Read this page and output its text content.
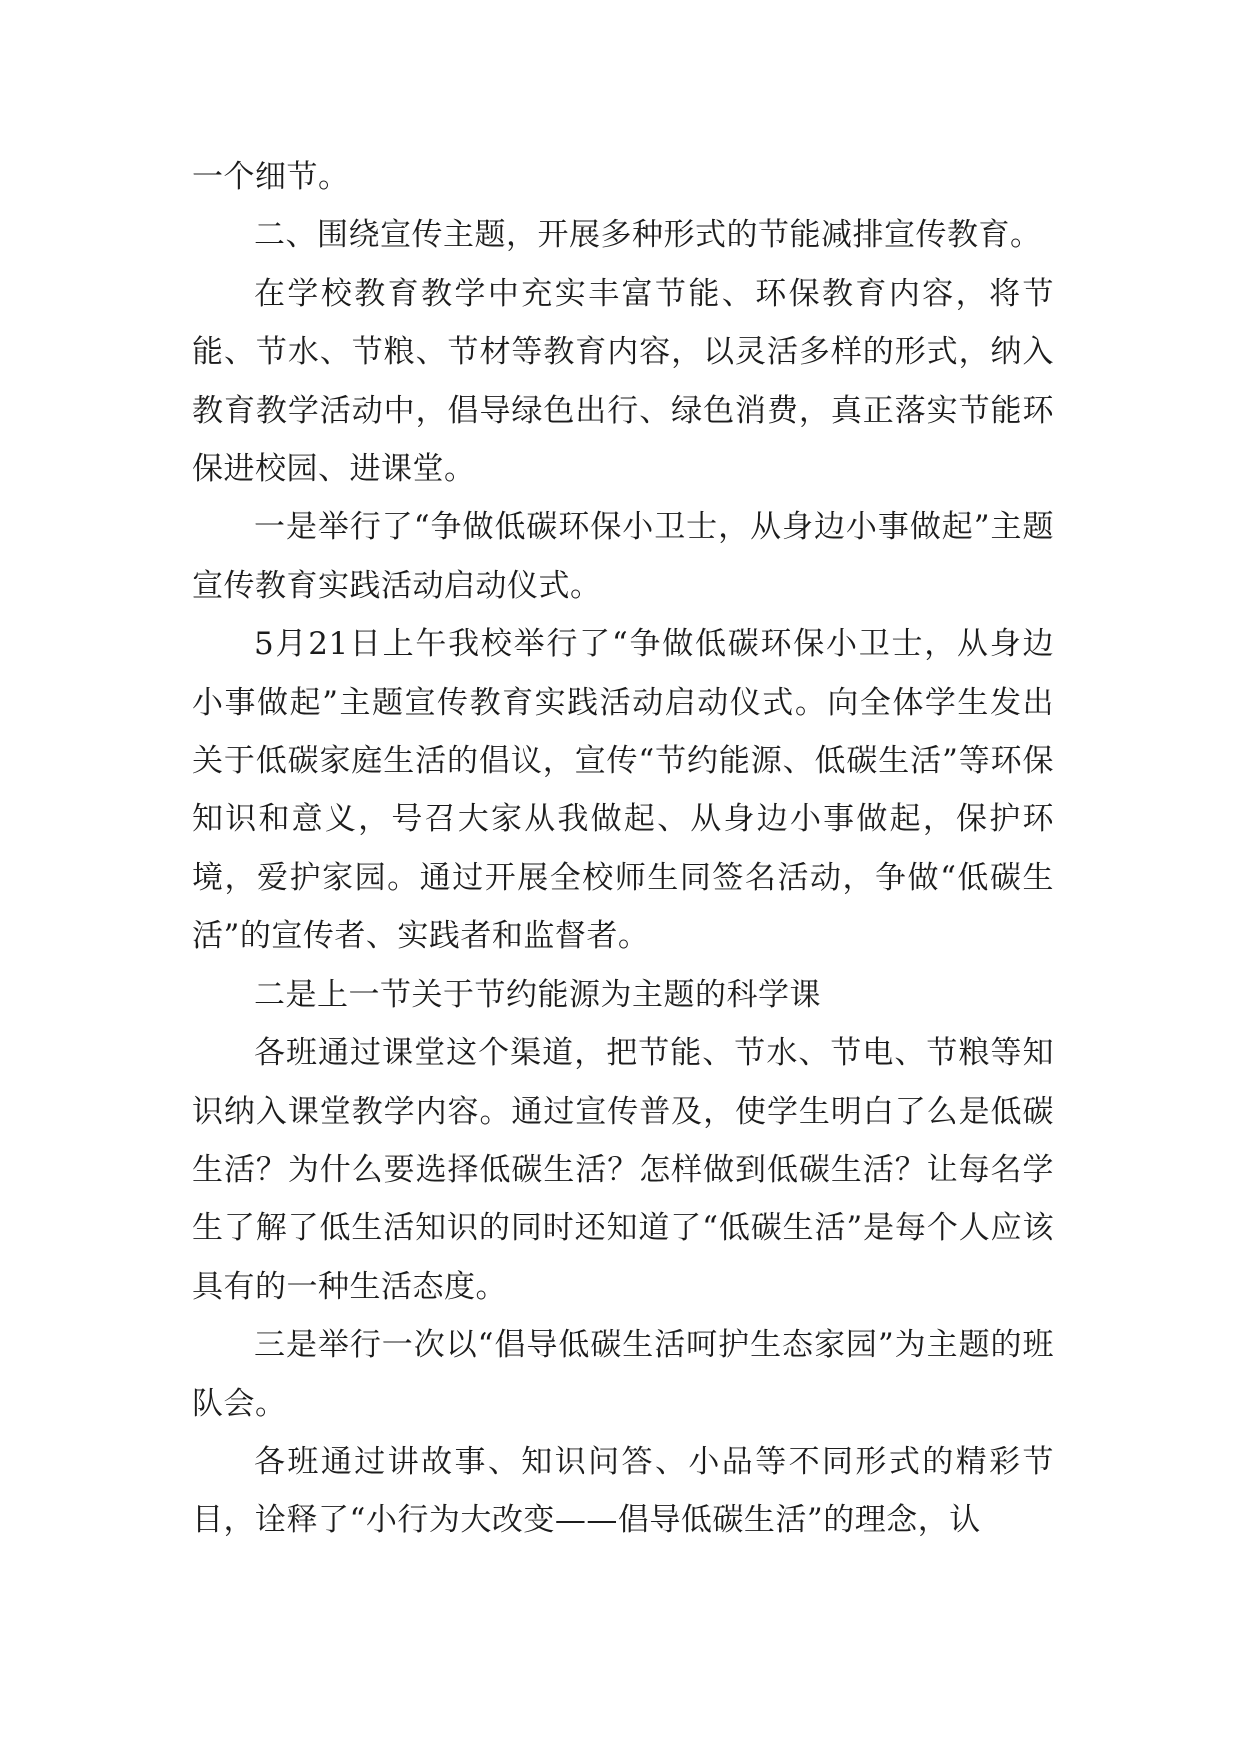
一个细节。

二、围绕宣传主题，开展多种形式的节能减排宣传教育。

在学校教育教学中充实丰富节能、环保教育内容，将节能、节水、节粮、节材等教育内容，以灵活多样的形式，纳入教育教学活动中，倡导绿色出行、绿色消费，真正落实节能环保进校园、进课堂。

一是举行了“争做低碳环保小卫士，从身边小事做起”主题宣传教育实践活动启动仪式。

5月21日上午我校举行了“争做低碳环保小卫士，从身边小事做起”主题宣传教育实践活动启动仪式。向全体学生发出关于低碳家庭生活的倡议，宣传“节约能源、低碳生活”等环保知识和意义，号召大家从我做起、从身边小事做起，保护环境，爱护家园。通过开展全校师生同签名活动，争做“低碳生活”的宣传者、实践者和监督者。

二是上一节关于节约能源为主题的科学课

各班通过课堂这个渠道，把节能、节水、节电、节粮等知识纳入课堂教学内容。通过宣传普及，使学生明白了么是低碳生活？为什么要选择低碳生活？怎样做到低碳生活？让每名学生了解了低生活知识的同时还知道了“低碳生活”是每个人应该具有的一种生活态度。

三是举行一次以“倡导低碳生活呵护生态家园”为主题的班队会。

各班通过讲故事、知识问答、小品等不同形式的精彩节目，诠释了“小行为大改变——倡导低碳生活”的理念，认
